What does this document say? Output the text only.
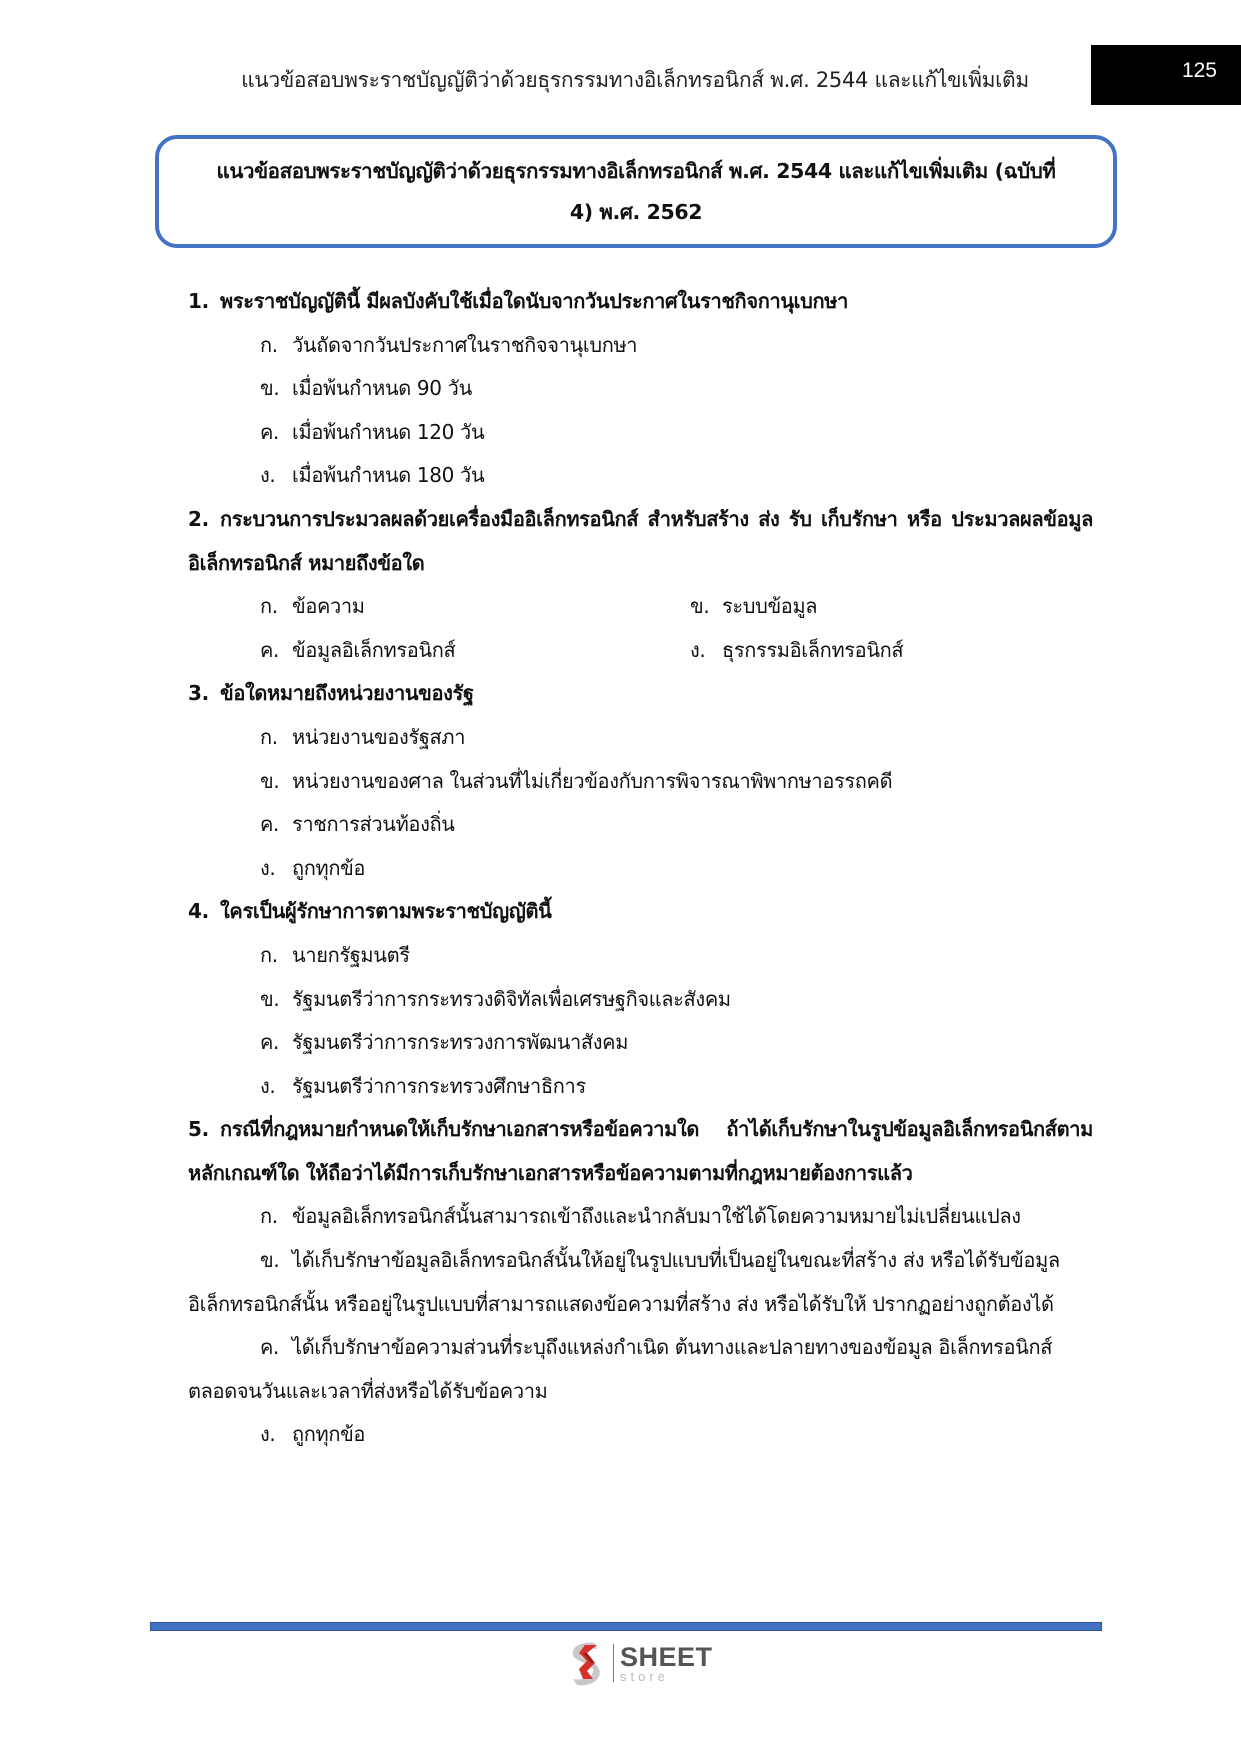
แนวข้อสอบพระราชบัญญัติว่าด้วยธุรกรรมทางอิเล็กทรอนิกส์ พ.ศ. 2544 และแก้ไขเพิ่มเติม	125
แนวข้อสอบพระราชบัญญัติว่าด้วยธุรกรรมทางอิเล็กทรอนิกส์ พ.ศ. 2544 และแก้ไขเพิ่มเติม (ฉบับที่
4) พ.ศ. 2562
1. พระราชบัญญัตินี้ มีผลบังคับใช้เมื่อใดนับจากวันประกาศในราชกิจกานุเบกษา
ก. วันถัดจากวันประกาศในราชกิจจานุเบกษา
ข. เมื่อพ้นกำหนด 90 วัน
ค. เมื่อพ้นกำหนด 120 วัน
ง. เมื่อพ้นกำหนด 180 วัน
2. กระบวนการประมวลผลด้วยเครื่องมืออิเล็กทรอนิกส์ สำหรับสร้าง ส่ง รับ เก็บรักษา หรือ ประมวลผลข้อมูลอิเล็กทรอนิกส์ หมายถึงข้อใด
ก. ข้อความ	ข. ระบบข้อมูล
ค. ข้อมูลอิเล็กทรอนิกส์	ง. ธุรกรรมอิเล็กทรอนิกส์
3. ข้อใดหมายถึงหน่วยงานของรัฐ
ก. หน่วยงานของรัฐสภา
ข. หน่วยงานของศาล ในส่วนที่ไม่เกี่ยวข้องกับการพิจารณาพิพากษาอรรถคดี
ค. ราชการส่วนท้องถิ่น
ง. ถูกทุกข้อ
4. ใครเป็นผู้รักษาการตามพระราชบัญญัตินี้
ก. นายกรัฐมนตรี
ข. รัฐมนตรีว่าการกระทรวงดิจิทัลเพื่อเศรษฐกิจและสังคม
ค. รัฐมนตรีว่าการกระทรวงการพัฒนาสังคม
ง. รัฐมนตรีว่าการกระทรวงศึกษาธิการ
5. กรณีที่กฎหมายกำหนดให้เก็บรักษาเอกสารหรือข้อความใด ถ้าได้เก็บรักษาในรูปข้อมูลอิเล็กทรอนิกส์ตามหลักเกณฑ์ใด ให้ถือว่าได้มีการเก็บรักษาเอกสารหรือข้อความตามที่กฎหมายต้องการแล้ว
ก. ข้อมูลอิเล็กทรอนิกส์นั้นสามารถเข้าถึงและนำกลับมาใช้ได้โดยความหมายไม่เปลี่ยนแปลง
ข. ได้เก็บรักษาข้อมูลอิเล็กทรอนิกส์นั้นให้อยู่ในรูปแบบที่เป็นอยู่ในขณะที่สร้าง ส่ง หรือได้รับข้อมูลอิเล็กทรอนิกส์นั้น หรืออยู่ในรูปแบบที่สามารถแสดงข้อความที่สร้าง ส่ง หรือได้รับให้ ปรากฏอย่างถูกต้องได้
ค. ได้เก็บรักษาข้อความส่วนที่ระบุถึงแหล่งกำเนิด ต้นทางและปลายทางของข้อมูล อิเล็กทรอนิกส์ ตลอดจนวันและเวลาที่ส่งหรือได้รับข้อความ
ง. ถูกทุกข้อ
SHEET
store
